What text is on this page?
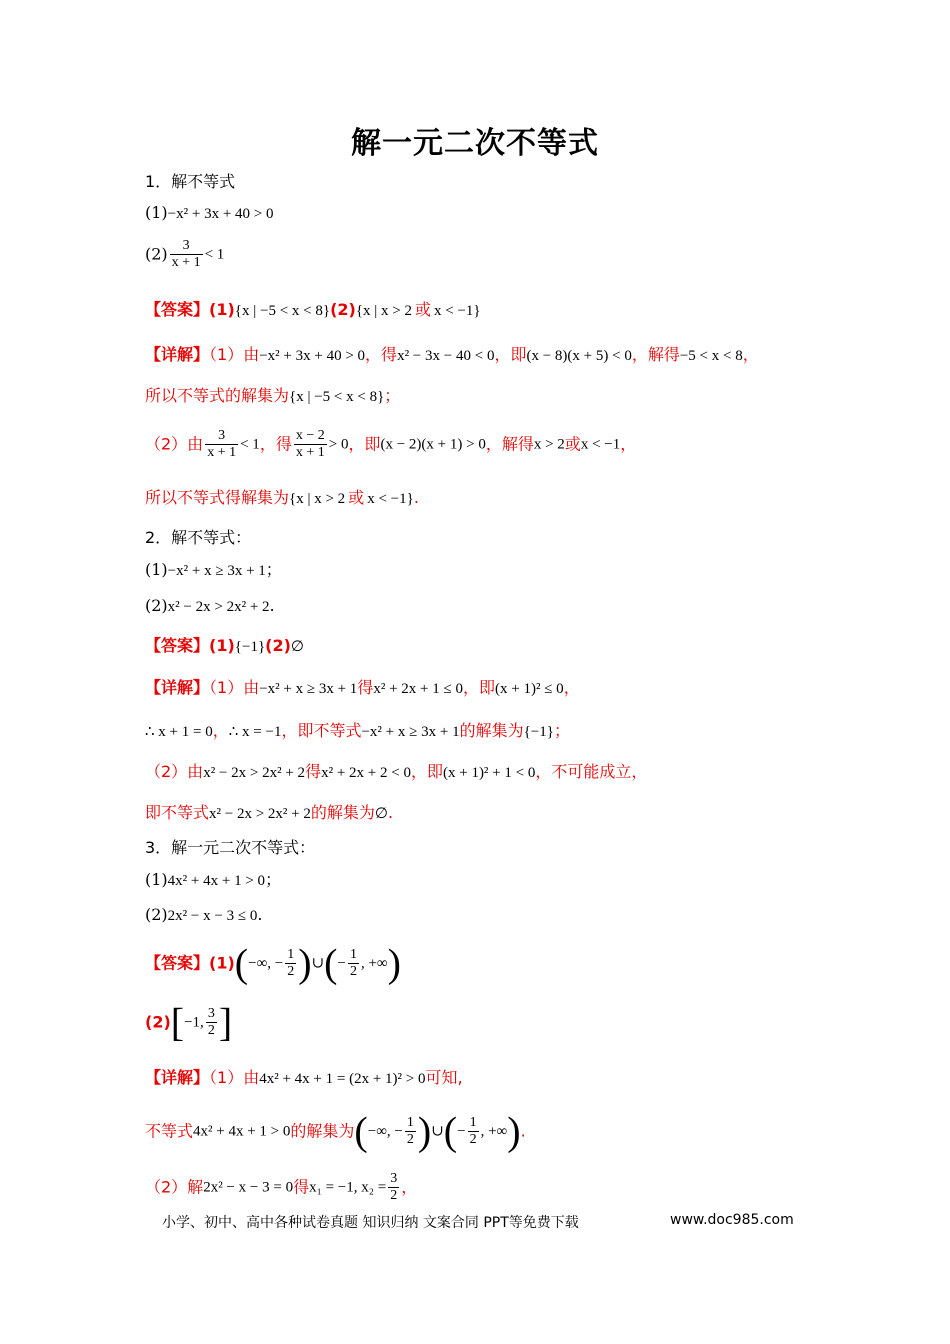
解一元二次不等式
1．解不等式
(1)−x² + 3x + 40 > 0
$(2) \frac{3}{x + 1} < 1$
【答案】(1){x | −5 < x < 8}(2){x | x > 2 或 x < −1}
【详解】（1）由−x² + 3x + 40 > 0，得x² − 3x − 40 < 0，即(x − 8)(x + 5) < 0，解得−5 < x < 8，
所以不等式的解集为{x | −5 < x < 8}；
（2）由 $\frac{3}{x + 1} < 1$，得 $\frac{x - 2}{x + 1} > 0$，即(x − 2)(x + 1) > 0，解得x > 2或x < −1，
所以不等式得解集为{x | x > 2 或 x < −1}.
2．解不等式：
(1)−x² + x ≥ 3x + 1；
(2)x² − 2x > 2x² + 2.
【答案】(1){−1}(2)∅
【详解】（1）由−x² + x ≥ 3x + 1得x² + 2x + 1 ≤ 0，即(x + 1)² ≤ 0，
∴ x + 1 = 0，∴ x = −1，即不等式−x² + x ≥ 3x + 1的解集为{−1}；
（2）由x² − 2x > 2x² + 2得x² + 2x + 2 < 0，即(x + 1)² + 1 < 0，不可能成立，
即不等式x² − 2x > 2x² + 2的解集为∅.
3．解一元二次不等式：
(1)4x² + 4x + 1 > 0；
(2)2x² − x − 3 ≤ 0.
【答案】(1)(−∞, − $\frac{1}{2}$ )∪(− $\frac{1}{2}$ , +∞)
(2)[−1, $\frac{3}{2}$ ]
【详解】（1）由4x² + 4x + 1 = (2x + 1)² > 0可知,
不等式4x² + 4x + 1 > 0的解集为(−∞, − $\frac{1}{2}$ )∪(− $\frac{1}{2}$ , +∞).
（2）解2x² − x − 3 = 0得x₁ = −1, $x_2 = \frac{3}{2}$ ，
小学、初中、高中各种试卷真题 知识归纳 文案合同 PPT等免费下载	www.doc985.com
